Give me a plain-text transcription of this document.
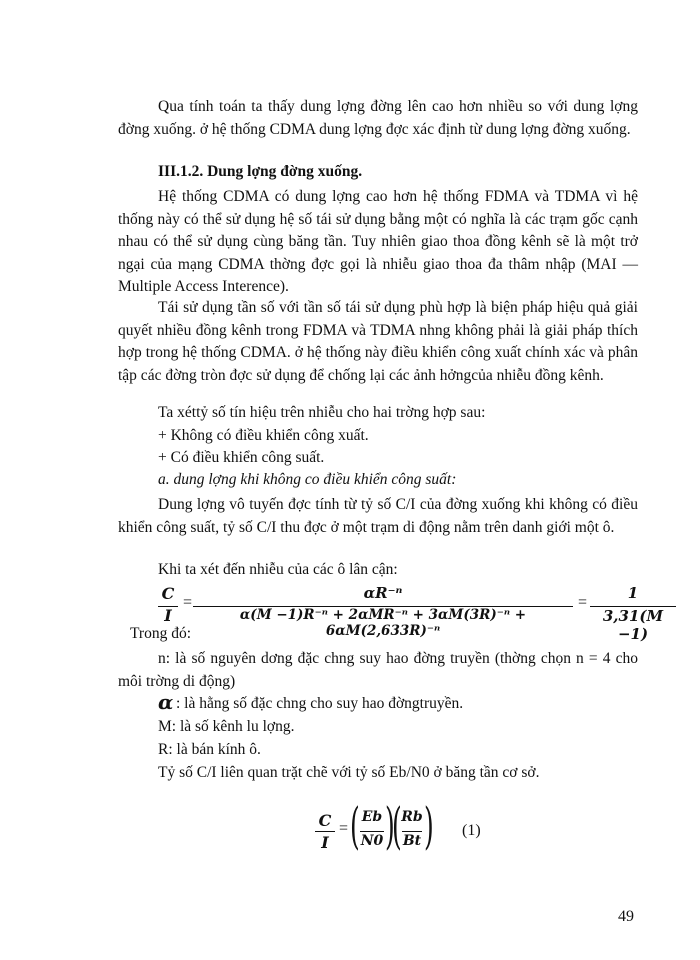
Qua tính toán ta thấy dung lợng đờng lên cao hơn nhiều so với dung lợng đờng xuống. ở hệ thống CDMA dung lợng đợc xác định từ dung lợng đờng xuống.

III.1.2. Dung lợng đờng xuống.

Hệ thống CDMA có dung lợng cao hơn hệ thống FDMA và TDMA vì hệ thống này có thể sử dụng hệ số tái sử dụng bằng một có nghĩa là các trạm gốc cạnh nhau có thể sử dụng cùng băng tần. Tuy nhiên giao thoa đồng kênh sẽ là một trở ngại của mạng CDMA thờng đợc gọi là nhiễu giao thoa đa thâm nhập (MAI — Multiple Access Interence).

Tái sử dụng tần số với tần số tái sử dụng phù hợp là biện pháp hiệu quả giải quyết nhiều đồng kênh trong FDMA và TDMA nhng không phải là giải pháp thích hợp trong hệ thống CDMA. ở hệ thống này điều khiển công xuất chính xác và phân tập các đờng tròn đợc sử dụng để chống lại các ảnh hởngcủa nhiễu đồng kênh.

Ta xéttỷ số tín hiệu trên nhiễu cho hai trờng hợp sau:

+ Không có điều khiển công xuất.

+ Có điều khiển công suất.

a. dung lợng khi không co điều khiển công suất:

Dung lợng vô tuyến đợc tính từ tỷ số C/I của đờng xuống khi không có điều khiển công suất, tỷ số C/I thu đợc ở một trạm di động nằm trên danh giới một ô.

Khi ta xét đến nhiễu của các ô lân cận:

C
I
=
αR⁻ⁿ
α(M −1)R⁻ⁿ + 2αMR⁻ⁿ + 3αM(3R)⁻ⁿ + 6αM(2,633R)⁻ⁿ
=
1
3,31(M −1)

Trong đó:

n: là số nguyên dơng đặc chng suy hao đờng truyền (thờng chọn n = 4 cho môi trờng di động)

α : là hằng số đặc chng cho suy hao đờngtruyền.

M: là số kênh lu lợng.

R: là bán kính ô.

Tỷ số C/I liên quan trặt chẽ với tỷ số Eb/N0 ở băng tần cơ sở.

C
I
= ( Eb
N0 )
( Rb
Bt ) (1)
49
